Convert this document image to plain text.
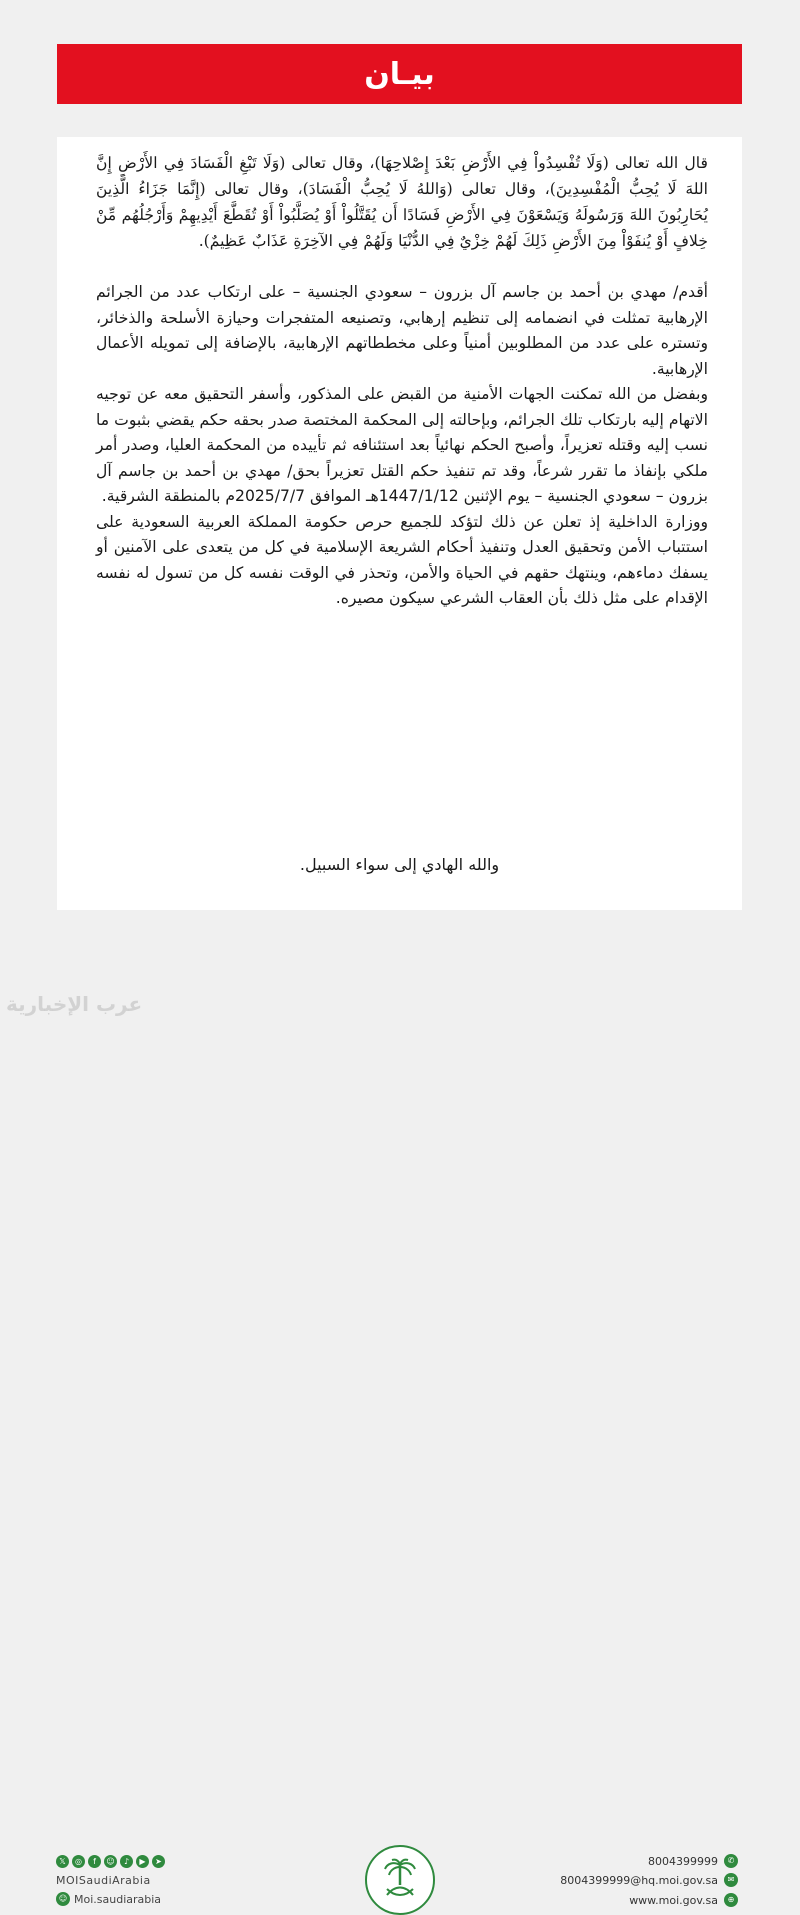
بيـان

قال الله تعالى (وَلَا تُفْسِدُواْ فِي الأَرْضِ بَعْدَ إِصْلاحِهَا)، وقال تعالى (وَلَا تَبْغِ الْفَسَادَ فِي الأَرْضِ إِنَّ اللهَ لَا يُحِبُّ الْمُفْسِدِينَ)، وقال تعالى (وَاللهُ لَا يُحِبُّ الْفَسَادَ)، وقال تعالى (إِنَّمَا جَزَاءُ الَّذِينَ يُحَارِبُونَ اللهَ وَرَسُولَهُ وَيَسْعَوْنَ فِي الأَرْضِ فَسَادًا أَن يُقَتَّلُواْ أَوْ يُصَلَّبُواْ أَوْ تُقَطَّعَ أَيْدِيهِمْ وَأَرْجُلُهُم مِّنْ خِلافٍ أَوْ يُنفَوْاْ مِنَ الأَرْضِ ذَلِكَ لَهُمْ خِزْيٌ فِي الدُّنْيَا وَلَهُمْ فِي الآخِرَةِ عَذَابٌ عَظِيمٌ).

أقدم/ مهدي بن أحمد بن جاسم آل بزرون – سعودي الجنسية – على ارتكاب عدد من الجرائم الإرهابية تمثلت في انضمامه إلى تنظيم إرهابي، وتصنيعه المتفجرات وحيازة الأسلحة والذخائر، وتستره على عدد من المطلوبين أمنياً وعلى مخططاتهم الإرهابية، بالإضافة إلى تمويله الأعمال الإرهابية.

وبفضل من الله تمكنت الجهات الأمنية من القبض على المذكور، وأسفر التحقيق معه عن توجيه الاتهام إليه بارتكاب تلك الجرائم، وبإحالته إلى المحكمة المختصة صدر بحقه حكم يقضي بثبوت ما نسب إليه وقتله تعزيراً، وأصبح الحكم نهائياً بعد استئنافه ثم تأييده من المحكمة العليا، وصدر أمر ملكي بإنفاذ ما تقرر شرعاً، وقد تم تنفيذ حكم القتل تعزيراً بحق/ مهدي بن أحمد بن جاسم آل بزرون – سعودي الجنسية – يوم الإثنين 1447/1/12هـ الموافق 2025/7/7م بالمنطقة الشرقية.

ووزارة الداخلية إذ تعلن عن ذلك لتؤكد للجميع حرص حكومة المملكة العربية السعودية على استتباب الأمن وتحقيق العدل وتنفيذ أحكام الشريعة الإسلامية في كل من يتعدى على الآمنين أو يسفك دماءهم، وينتهك حقهم في الحياة والأمن، وتحذر في الوقت نفسه كل من تسول له نفسه الإقدام على مثل ذلك بأن العقاب الشرعي سيكون مصيره.

والله الهادي إلى سواء السبيل.
𝕏	◎	f	☺	♪	▶	➤
MOISaudiArabia
☺ Moi.saudiarabia
8004399999	✆
8004399999@hq.moi.gov.sa	✉
www.moi.gov.sa	⊕
عرب الإخبارية
